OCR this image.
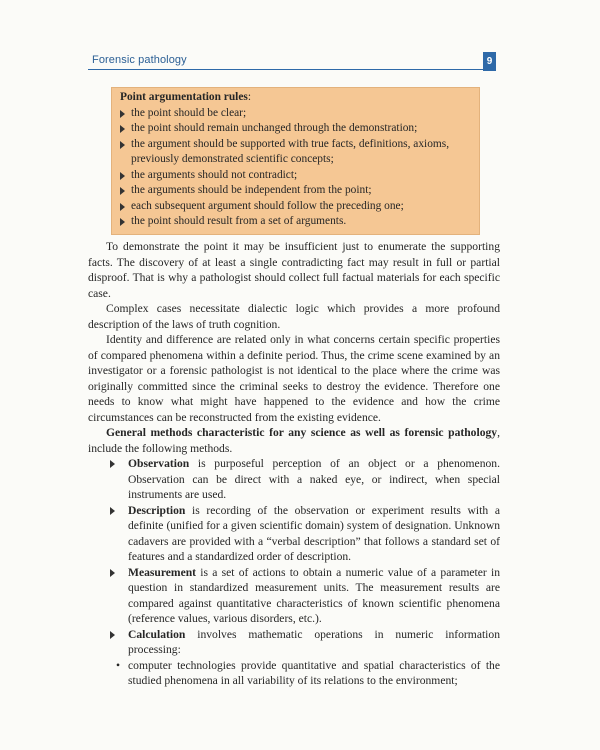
Forensic pathology	9
Point argumentation rules:
the point should be clear;
the point should remain unchanged through the demonstration;
the argument should be supported with true facts, definitions, axioms, previously demonstrated scientific concepts;
the arguments should not contradict;
the arguments should be independent from the point;
each subsequent argument should follow the preceding one;
the point should result from a set of arguments.

To demonstrate the point it may be insufficient just to enumerate the supporting facts. The discovery of at least a single contradicting fact may result in full or partial disproof. That is why a pathologist should collect full factual materials for each specific case.

Complex cases necessitate dialectic logic which provides a more profound description of the laws of truth cognition.

Identity and difference are related only in what concerns certain specific properties of compared phenomena within a definite period. Thus, the crime scene examined by an investigator or a forensic pathologist is not identical to the place where the crime was originally committed since the criminal seeks to destroy the evidence. Therefore one needs to know what might have happened to the evidence and how the crime circumstances can be reconstructed from the existing evidence.

General methods characteristic for any science as well as forensic pathology, include the following methods.

Observation is purposeful perception of an object or a phenomenon. Observation can be direct with a naked eye, or indirect, when special instruments are used.
Description is recording of the observation or experiment results with a definite (unified for a given scientific domain) system of designation. Unknown cadavers are provided with a “verbal description” that follows a standard set of features and a standardized order of description.
Measurement is a set of actions to obtain a numeric value of a parameter in question in standardized measurement units. The measurement results are compared against quantitative characteristics of known scientific phenomena (reference values, various disorders, etc.).
Calculation involves mathematic operations in numeric information processing:
• computer technologies provide quantitative and spatial characteristics of the studied phenomena in all variability of its relations to the environment;
